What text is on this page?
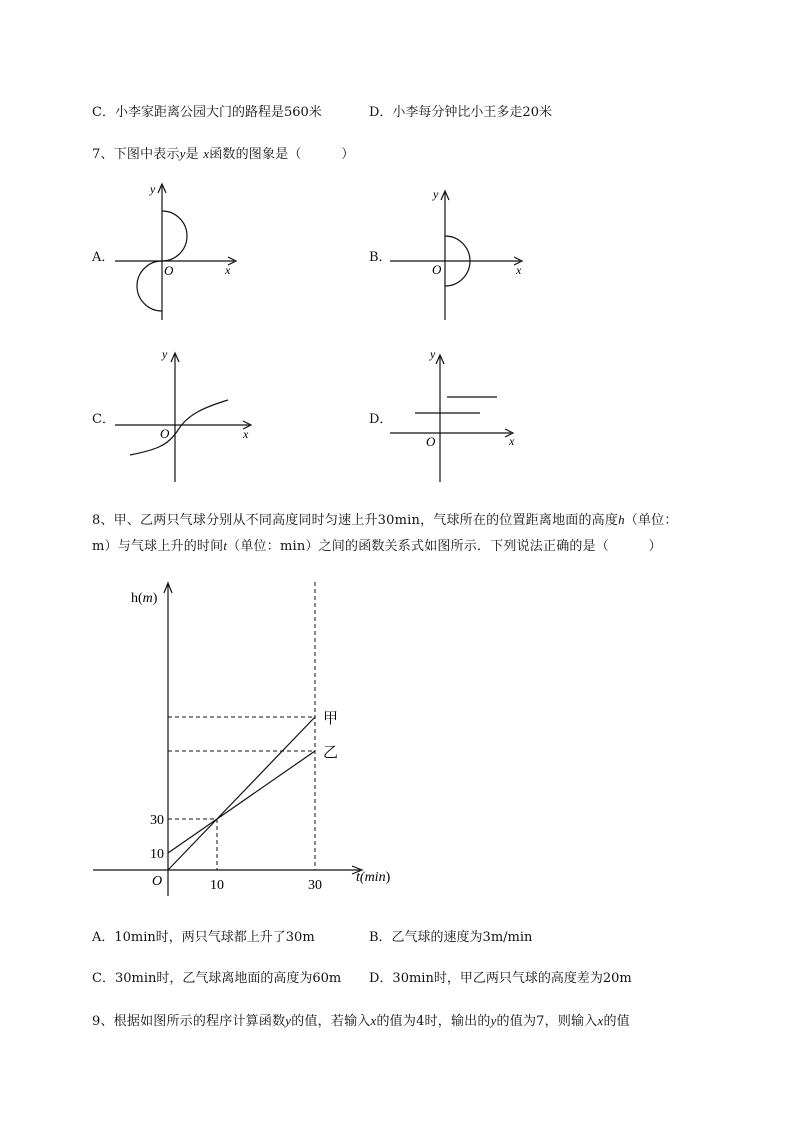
C．小李家距离公园大门的路程是560米	D．小李每分钟比小王多走20米
7、下图中表示y是 x函数的图象是（　　　）
A．
y
O	x
B．
y
O	x
C．
y
O	x
D．
y
O	x
8、甲、乙两只气球分别从不同高度同时匀速上升30min，气球所在的位置距离地面的高度h（单位：
m）与气球上升的时间t（单位：min）之间的函数关系式如图所示．下列说法正确的是（　　　）
h(m)
t(min)
O
甲
乙
10	30
10
30
A．10min时，两只气球都上升了30m	B．乙气球的速度为3m/min
C．30min时，乙气球离地面的高度为60m D．30min时，甲乙两只气球的高度差为20m
9、根据如图所示的程序计算函数y的值，若输入x的值为4时，输出的y的值为7，则输入x的值
